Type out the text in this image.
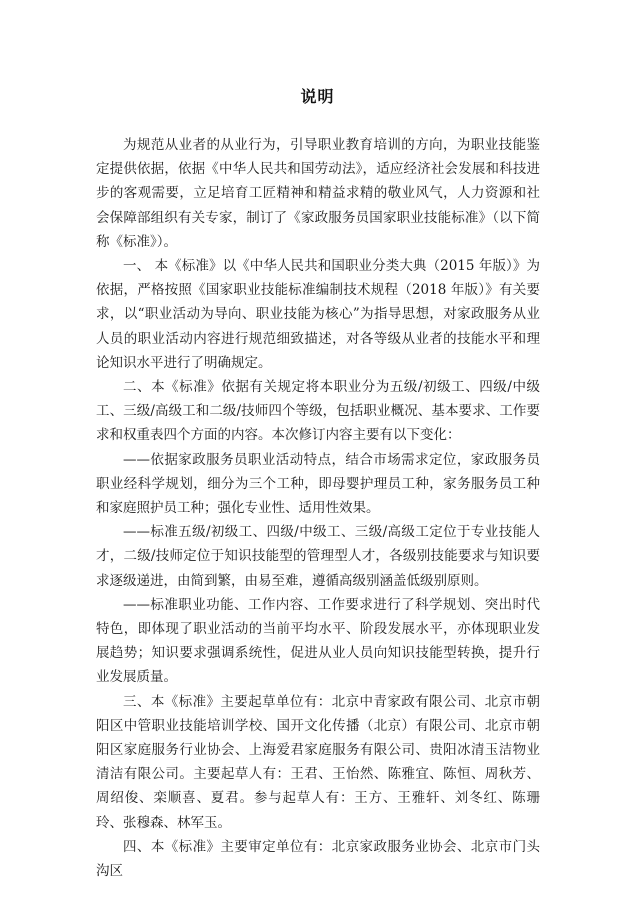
说明

为规范从业者的从业行为，引导职业教育培训的方向，为职业技能鉴定提供依据，依据《中华人民共和国劳动法》，适应经济社会发展和科技进步的客观需要，立足培育工匠精神和精益求精的敬业风气，人力资源和社会保障部组织有关专家，制订了《家政服务员国家职业技能标准》（以下简称《标准》）。

一、 本《标准》以《中华人民共和国职业分类大典（2015 年版）》为依据，严格按照《国家职业技能标准编制技术规程（2018 年版）》有关要求，以“职业活动为导向、职业技能为核心”为指导思想，对家政服务从业人员的职业活动内容进行规范细致描述，对各等级从业者的技能水平和理论知识水平进行了明确规定。

二、本《标准》依据有关规定将本职业分为五级/初级工、四级/中级工、三级/高级工和二级/技师四个等级，包括职业概况、基本要求、工作要求和权重表四个方面的内容。本次修订内容主要有以下变化：

——依据家政服务员职业活动特点，结合市场需求定位，家政服务员职业经科学规划，细分为三个工种，即母婴护理员工种，家务服务员工种和家庭照护员工种；强化专业性、适用性效果。

——标准五级/初级工、四级/中级工、三级/高级工定位于专业技能人才，二级/技师定位于知识技能型的管理型人才，各级别技能要求与知识要求逐级递进，由简到繁，由易至难，遵循高级别涵盖低级别原则。

——标准职业功能、工作内容、工作要求进行了科学规划、突出时代特色，即体现了职业活动的当前平均水平、阶段发展水平，亦体现职业发展趋势；知识要求强调系统性，促进从业人员向知识技能型转换，提升行业发展质量。

三、本《标准》主要起草单位有：北京中青家政有限公司、北京市朝阳区中管职业技能培训学校、国开文化传播（北京）有限公司、北京市朝阳区家庭服务行业协会、上海爱君家庭服务有限公司、贵阳冰清玉洁物业清洁有限公司。主要起草人有：王君、王怡然、陈雅宜、陈恒、周秋芳、周绍俊、栾顺喜、夏君。参与起草人有：王方、王雅轩、刘冬红、陈珊玲、张穆森、林军玉。

四、本《标准》主要审定单位有：北京家政服务业协会、北京市门头沟区
